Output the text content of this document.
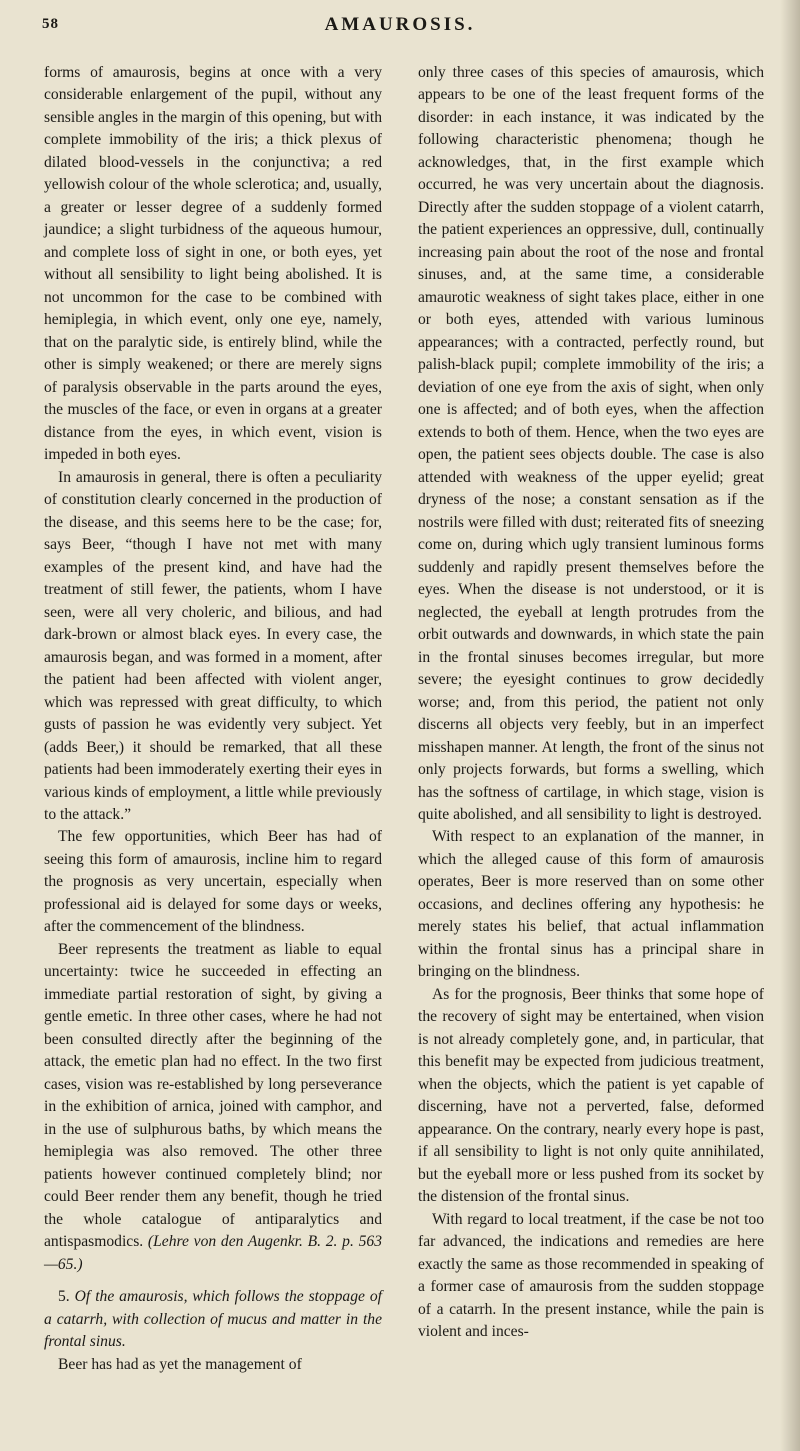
58	AMAUROSIS.

forms of amaurosis, begins at once with a very considerable enlargement of the pupil, without any sensible angles in the margin of this opening, but with complete immobility of the iris; a thick plexus of dilated blood-vessels in the conjunctiva; a red yellowish colour of the whole sclerotica; and, usually, a greater or lesser degree of a suddenly formed jaundice; a slight turbidness of the aqueous humour, and complete loss of sight in one, or both eyes, yet without all sensibility to light being abolished. It is not uncommon for the case to be combined with hemiplegia, in which event, only one eye, namely, that on the paralytic side, is entirely blind, while the other is simply weakened; or there are merely signs of paralysis observable in the parts around the eyes, the muscles of the face, or even in organs at a greater distance from the eyes, in which event, vision is impeded in both eyes.

In amaurosis in general, there is often a peculiarity of constitution clearly concerned in the production of the disease, and this seems here to be the case; for, says Beer, “though I have not met with many examples of the present kind, and have had the treatment of still fewer, the patients, whom I have seen, were all very choleric, and bilious, and had dark-brown or almost black eyes. In every case, the amaurosis began, and was formed in a moment, after the patient had been affected with violent anger, which was repressed with great difficulty, to which gusts of passion he was evidently very subject. Yet (adds Beer,) it should be remarked, that all these patients had been immoderately exerting their eyes in various kinds of employment, a little while previously to the attack.”

The few opportunities, which Beer has had of seeing this form of amaurosis, incline him to regard the prognosis as very uncertain, especially when professional aid is delayed for some days or weeks, after the commencement of the blindness.

Beer represents the treatment as liable to equal uncertainty: twice he succeeded in effecting an immediate partial restoration of sight, by giving a gentle emetic. In three other cases, where he had not been consulted directly after the beginning of the attack, the emetic plan had no effect. In the two first cases, vision was re-established by long perseverance in the exhibition of arnica, joined with camphor, and in the use of sulphurous baths, by which means the hemiplegia was also removed. The other three patients however continued completely blind; nor could Beer render them any benefit, though he tried the whole catalogue of antiparalytics and antispasmodics. (Lehre von den Augenkr. B. 2. p. 563—65.)

5. Of the amaurosis, which follows the stoppage of a catarrh, with collection of mucus and matter in the frontal sinus.

Beer has had as yet the management of

only three cases of this species of amaurosis, which appears to be one of the least frequent forms of the disorder: in each instance, it was indicated by the following characteristic phenomena; though he acknowledges, that, in the first example which occurred, he was very uncertain about the diagnosis. Directly after the sudden stoppage of a violent catarrh, the patient experiences an oppressive, dull, continually increasing pain about the root of the nose and frontal sinuses, and, at the same time, a considerable amaurotic weakness of sight takes place, either in one or both eyes, attended with various luminous appearances; with a contracted, perfectly round, but palish-black pupil; complete immobility of the iris; a deviation of one eye from the axis of sight, when only one is affected; and of both eyes, when the affection extends to both of them. Hence, when the two eyes are open, the patient sees objects double. The case is also attended with weakness of the upper eyelid; great dryness of the nose; a constant sensation as if the nostrils were filled with dust; reiterated fits of sneezing come on, during which ugly transient luminous forms suddenly and rapidly present themselves before the eyes. When the disease is not understood, or it is neglected, the eyeball at length protrudes from the orbit outwards and downwards, in which state the pain in the frontal sinuses becomes irregular, but more severe; the eyesight continues to grow decidedly worse; and, from this period, the patient not only discerns all objects very feebly, but in an imperfect misshapen manner. At length, the front of the sinus not only projects forwards, but forms a swelling, which has the softness of cartilage, in which stage, vision is quite abolished, and all sensibility to light is destroyed.

With respect to an explanation of the manner, in which the alleged cause of this form of amaurosis operates, Beer is more reserved than on some other occasions, and declines offering any hypothesis: he merely states his belief, that actual inflammation within the frontal sinus has a principal share in bringing on the blindness.

As for the prognosis, Beer thinks that some hope of the recovery of sight may be entertained, when vision is not already completely gone, and, in particular, that this benefit may be expected from judicious treatment, when the objects, which the patient is yet capable of discerning, have not a perverted, false, deformed appearance. On the contrary, nearly every hope is past, if all sensibility to light is not only quite annihilated, but the eyeball more or less pushed from its socket by the distension of the frontal sinus.

With regard to local treatment, if the case be not too far advanced, the indications and remedies are here exactly the same as those recommended in speaking of a former case of amaurosis from the sudden stoppage of a catarrh. In the present instance, while the pain is violent and inces-
